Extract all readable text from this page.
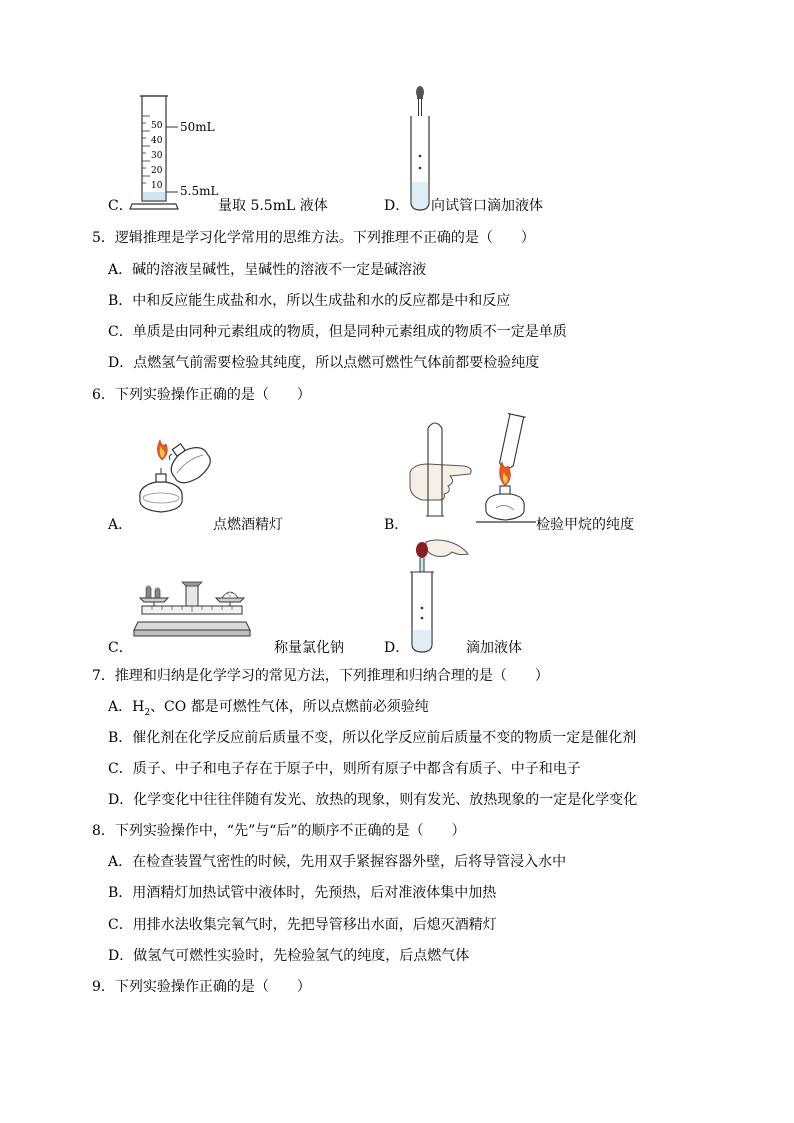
50
40
30
20
10
50mL
5.5mL
C．	量取 5.5mL 液体	D． 向试管口滴加液体
5．逻辑推理是学习化学常用的思维方法。下列推理不正确的是（　　）
A．碱的溶液呈碱性，呈碱性的溶液不一定是碱溶液
B．中和反应能生成盐和水，所以生成盐和水的反应都是中和反应
C．单质是由同种元素组成的物质，但是同种元素组成的物质不一定是单质
D．点燃氢气前需要检验其纯度，所以点燃可燃性气体前都要检验纯度
6．下列实验操作正确的是（　　）
A．	点燃酒精灯	B．	检验甲烷的纯度
C．	称量氯化钠	D．	滴加液体
7．推理和归纳是化学学习的常见方法，下列推理和归纳合理的是（　　）
A．$H_2$、CO 都是可燃性气体，所以点燃前必须验纯
B．催化剂在化学反应前后质量不变，所以化学反应前后质量不变的物质一定是催化剂
C．质子、中子和电子存在于原子中，则所有原子中都含有质子、中子和电子
D．化学变化中往往伴随有发光、放热的现象，则有发光、放热现象的一定是化学变化
8．下列实验操作中，“先”与“后”的顺序不正确的是（　　）
A．在检查装置气密性的时候，先用双手紧握容器外壁，后将导管浸入水中
B．用酒精灯加热试管中液体时，先预热，后对准液体集中加热
C．用排水法收集完氧气时，先把导管移出水面，后熄灭酒精灯
D．做氢气可燃性实验时，先检验氢气的纯度，后点燃气体
9．下列实验操作正确的是（　　）
